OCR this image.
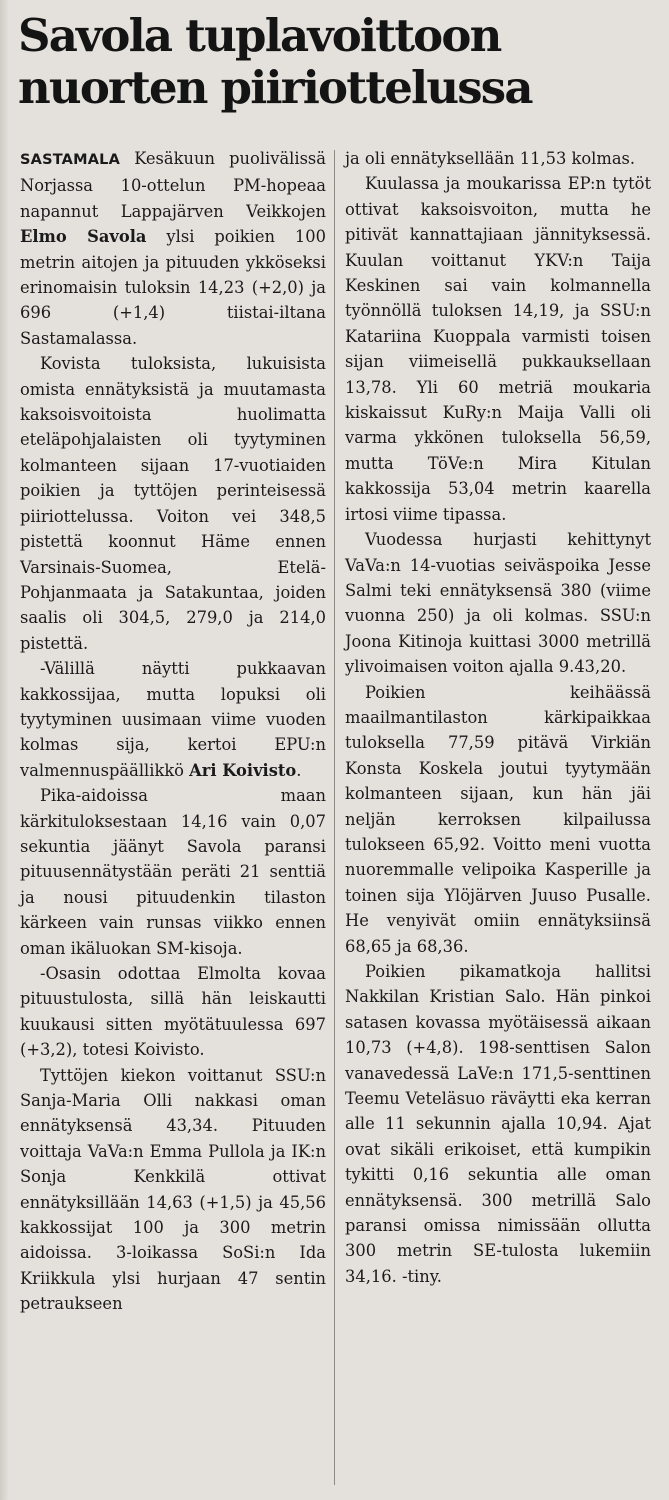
Savola tuplavoittoon
nuorten piiriottelussa

SASTAMALA Kesäkuun puolivälissä Norjassa 10-ottelun PM-hopeaa napannut Lappajärven Veikkojen Elmo Savola ylsi poikien 100 metrin aitojen ja pituuden ykköseksi erinomaisin tuloksin 14,23 (+2,0) ja 696 (+1,4) tiistai-iltana Sastamalassa.

Kovista tuloksista, lukuisista omista ennätyksistä ja muutamasta kaksoisvoitoista huolimatta eteläpohjalaisten oli tyytyminen kolmanteen sijaan 17-vuotiaiden poikien ja tyttöjen perinteisessä piiriottelussa. Voiton vei 348,5 pistettä koonnut Häme ennen Varsinais-Suomea, Etelä-Pohjanmaata ja Satakuntaa, joiden saalis oli 304,5, 279,0 ja 214,0 pistettä.

-Välillä näytti pukkaavan kakkossijaa, mutta lopuksi oli tyytyminen uusimaan viime vuoden kolmas sija, kertoi EPU:n valmennuspäällikkö Ari Koivisto.

Pika-aidoissa maan kärkituloksestaan 14,16 vain 0,07 sekuntia jäänyt Savola paransi pituusennätystään peräti 21 senttiä ja nousi pituudenkin tilaston kärkeen vain runsas viikko ennen oman ikäluokan SM-kisoja.

-Osasin odottaa Elmolta kovaa pituustulosta, sillä hän leiskautti kuukausi sitten myötätuulessa 697 (+3,2), totesi Koivisto.

Tyttöjen kiekon voittanut SSU:n Sanja-Maria Olli nakkasi oman ennätyksensä 43,34. Pituuden voittaja VaVa:n Emma Pullola ja IK:n Sonja Kenkkilä ottivat ennätyksillään 14,63 (+1,5) ja 45,56 kakkossijat 100 ja 300 metrin aidoissa. 3-loikassa SoSi:n Ida Kriikkula ylsi hurjaan 47 sentin petraukseen

ja oli ennätyksellään 11,53 kolmas.

Kuulassa ja moukarissa EP:n tytöt ottivat kaksoisvoiton, mutta he pitivät kannattajiaan jännityksessä. Kuulan voittanut YKV:n Taija Keskinen sai vain kolmannella työnnöllä tuloksen 14,19, ja SSU:n Katariina Kuoppala varmisti toisen sijan viimeisellä pukkauksellaan 13,78. Yli 60 metriä moukaria kiskaissut KuRy:n Maija Valli oli varma ykkönen tuloksella 56,59, mutta TöVe:n Mira Kitulan kakkossija 53,04 metrin kaarella irtosi viime tipassa.

Vuodessa hurjasti kehittynyt VaVa:n 14-vuotias seiväspoika Jesse Salmi teki ennätyksensä 380 (viime vuonna 250) ja oli kolmas. SSU:n Joona Kitinoja kuittasi 3000 metrillä ylivoimaisen voiton ajalla 9.43,20.

Poikien keihäässä maailmantilaston kärkipaikkaa tuloksella 77,59 pitävä Virkiän Konsta Koskela joutui tyytymään kolmanteen sijaan, kun hän jäi neljän kerroksen kilpailussa tulokseen 65,92. Voitto meni vuotta nuoremmalle velipoika Kasperille ja toinen sija Ylöjärven Juuso Pusalle. He venyivät omiin ennätyksiinsä 68,65 ja 68,36.

Poikien pikamatkoja hallitsi Nakkilan Kristian Salo. Hän pinkoi satasen kovassa myötäisessä aikaan 10,73 (+4,8). 198-senttisen Salon vanavedessä LaVe:n 171,5-senttinen Teemu Veteläsuo räväytti eka kerran alle 11 sekunnin ajalla 10,94. Ajat ovat sikäli erikoiset, että kumpikin tykitti 0,16 sekuntia alle oman ennätyksensä. 300 metrillä Salo paransi omissa nimissään ollutta 300 metrin SE-tulosta lukemiin 34,16. -tiny.
